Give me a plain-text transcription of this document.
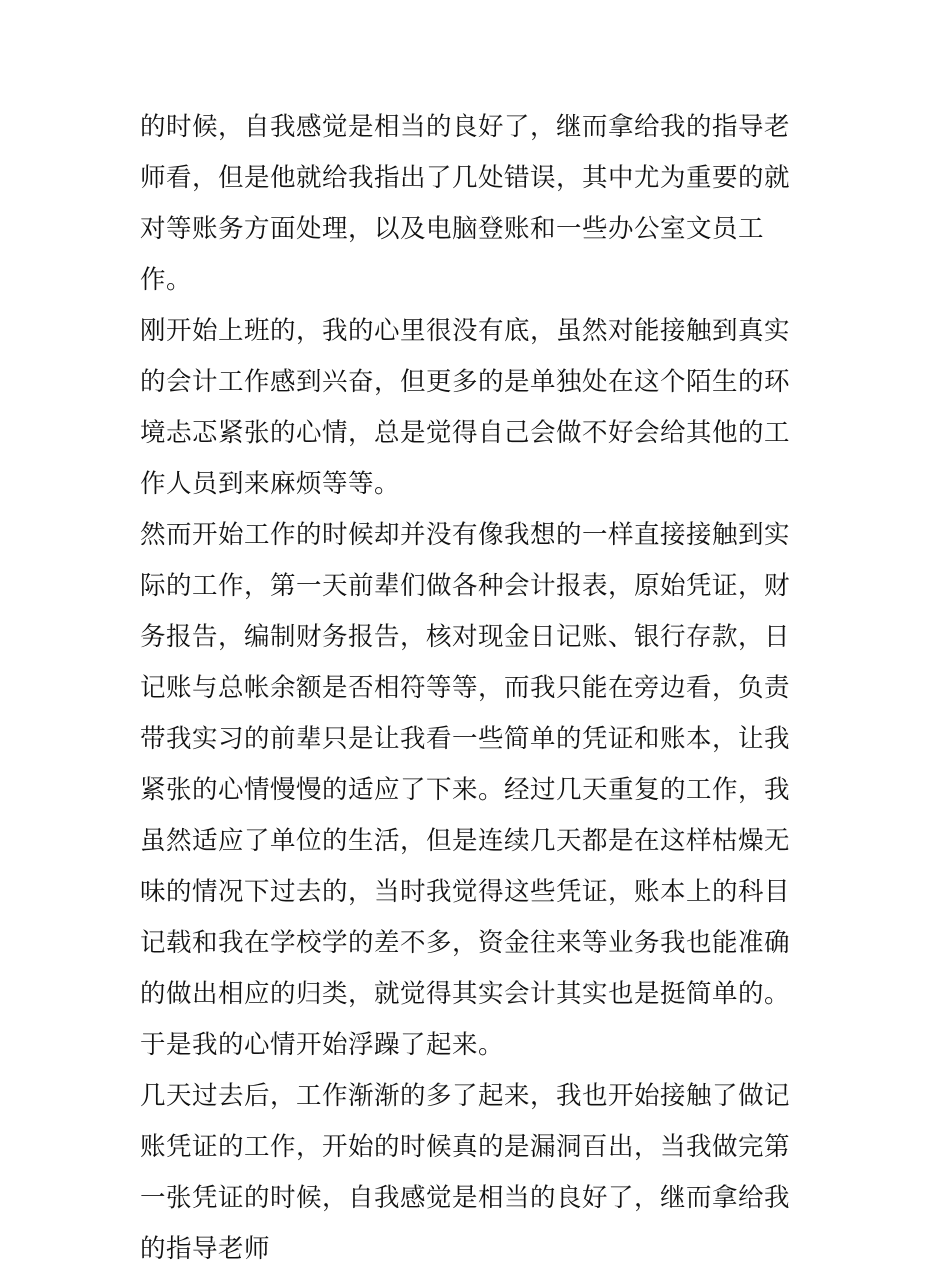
的时候，自我感觉是相当的良好了，继而拿给我的指导老师看，但是他就给我指出了几处错误，其中尤为重要的就对等账务方面处理，以及电脑登账和一些办公室文员工作。

刚开始上班的，我的心里很没有底，虽然对能接触到真实的会计工作感到兴奋，但更多的是单独处在这个陌生的环境忐忑紧张的心情，总是觉得自己会做不好会给其他的工作人员到来麻烦等等。

然而开始工作的时候却并没有像我想的一样直接接触到实际的工作，第一天前辈们做各种会计报表，原始凭证，财务报告，编制财务报告，核对现金日记账、银行存款，日记账与总帐余额是否相符等等，而我只能在旁边看，负责带我实习的前辈只是让我看一些简单的凭证和账本，让我紧张的心情慢慢的适应了下来。经过几天重复的工作，我虽然适应了单位的生活，但是连续几天都是在这样枯燥无味的情况下过去的，当时我觉得这些凭证，账本上的科目记载和我在学校学的差不多，资金往来等业务我也能准确的做出相应的归类，就觉得其实会计其实也是挺简单的。于是我的心情开始浮躁了起来。

几天过去后，工作渐渐的多了起来，我也开始接触了做记账凭证的工作，开始的时候真的是漏洞百出，当我做完第一张凭证的时候，自我感觉是相当的良好了，继而拿给我的指导老师
